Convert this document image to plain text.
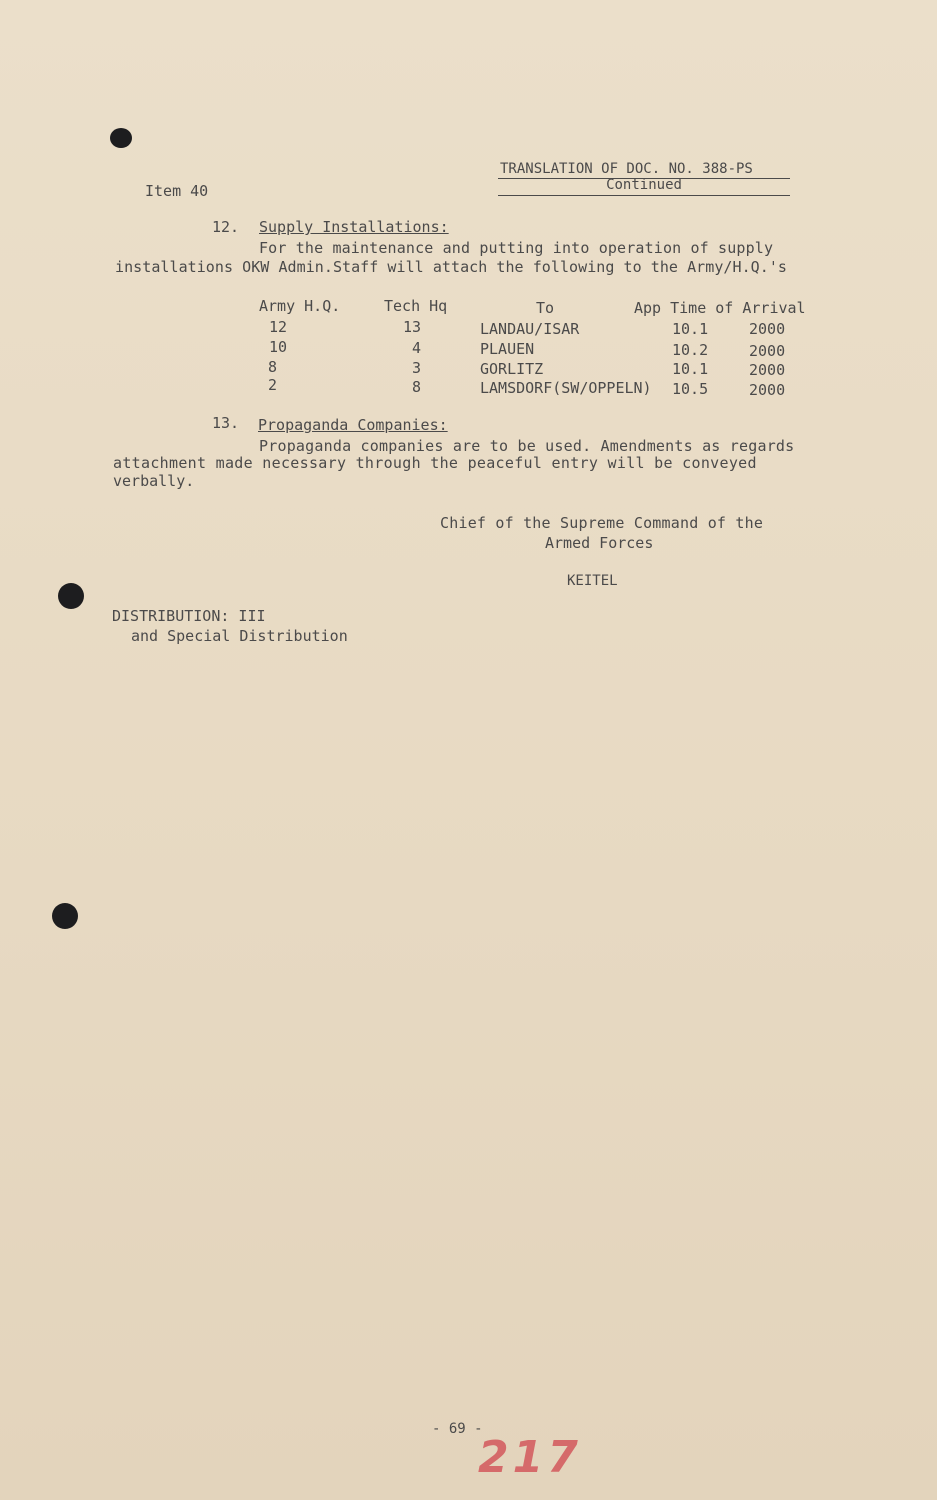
Item 40
TRANSLATION OF DOC. NO. 388-PS
Continued
12. Supply Installations:
For the maintenance and putting into operation of supply
installations OKW Admin.Staff will attach the following to the Army/H.Q.'s
Army H.Q.	Tech Hq	To	App Time of Arrival
12	13	LANDAU/ISAR	10.1	2000
10	4	PLAUEN	10.2	2000
8	3	GORLITZ	10.1	2000
2	8	LAMSDORF(SW/OPPELN) 10.5	2000
13. Propaganda Companies:
Propaganda companies are to be used. Amendments as regards
attachment made necessary through the peaceful entry will be conveyed
verbally.
Chief of the Supreme Command of the
Armed Forces
KEITEL
DISTRIBUTION: III
and Special Distribution
- 69 -
217
